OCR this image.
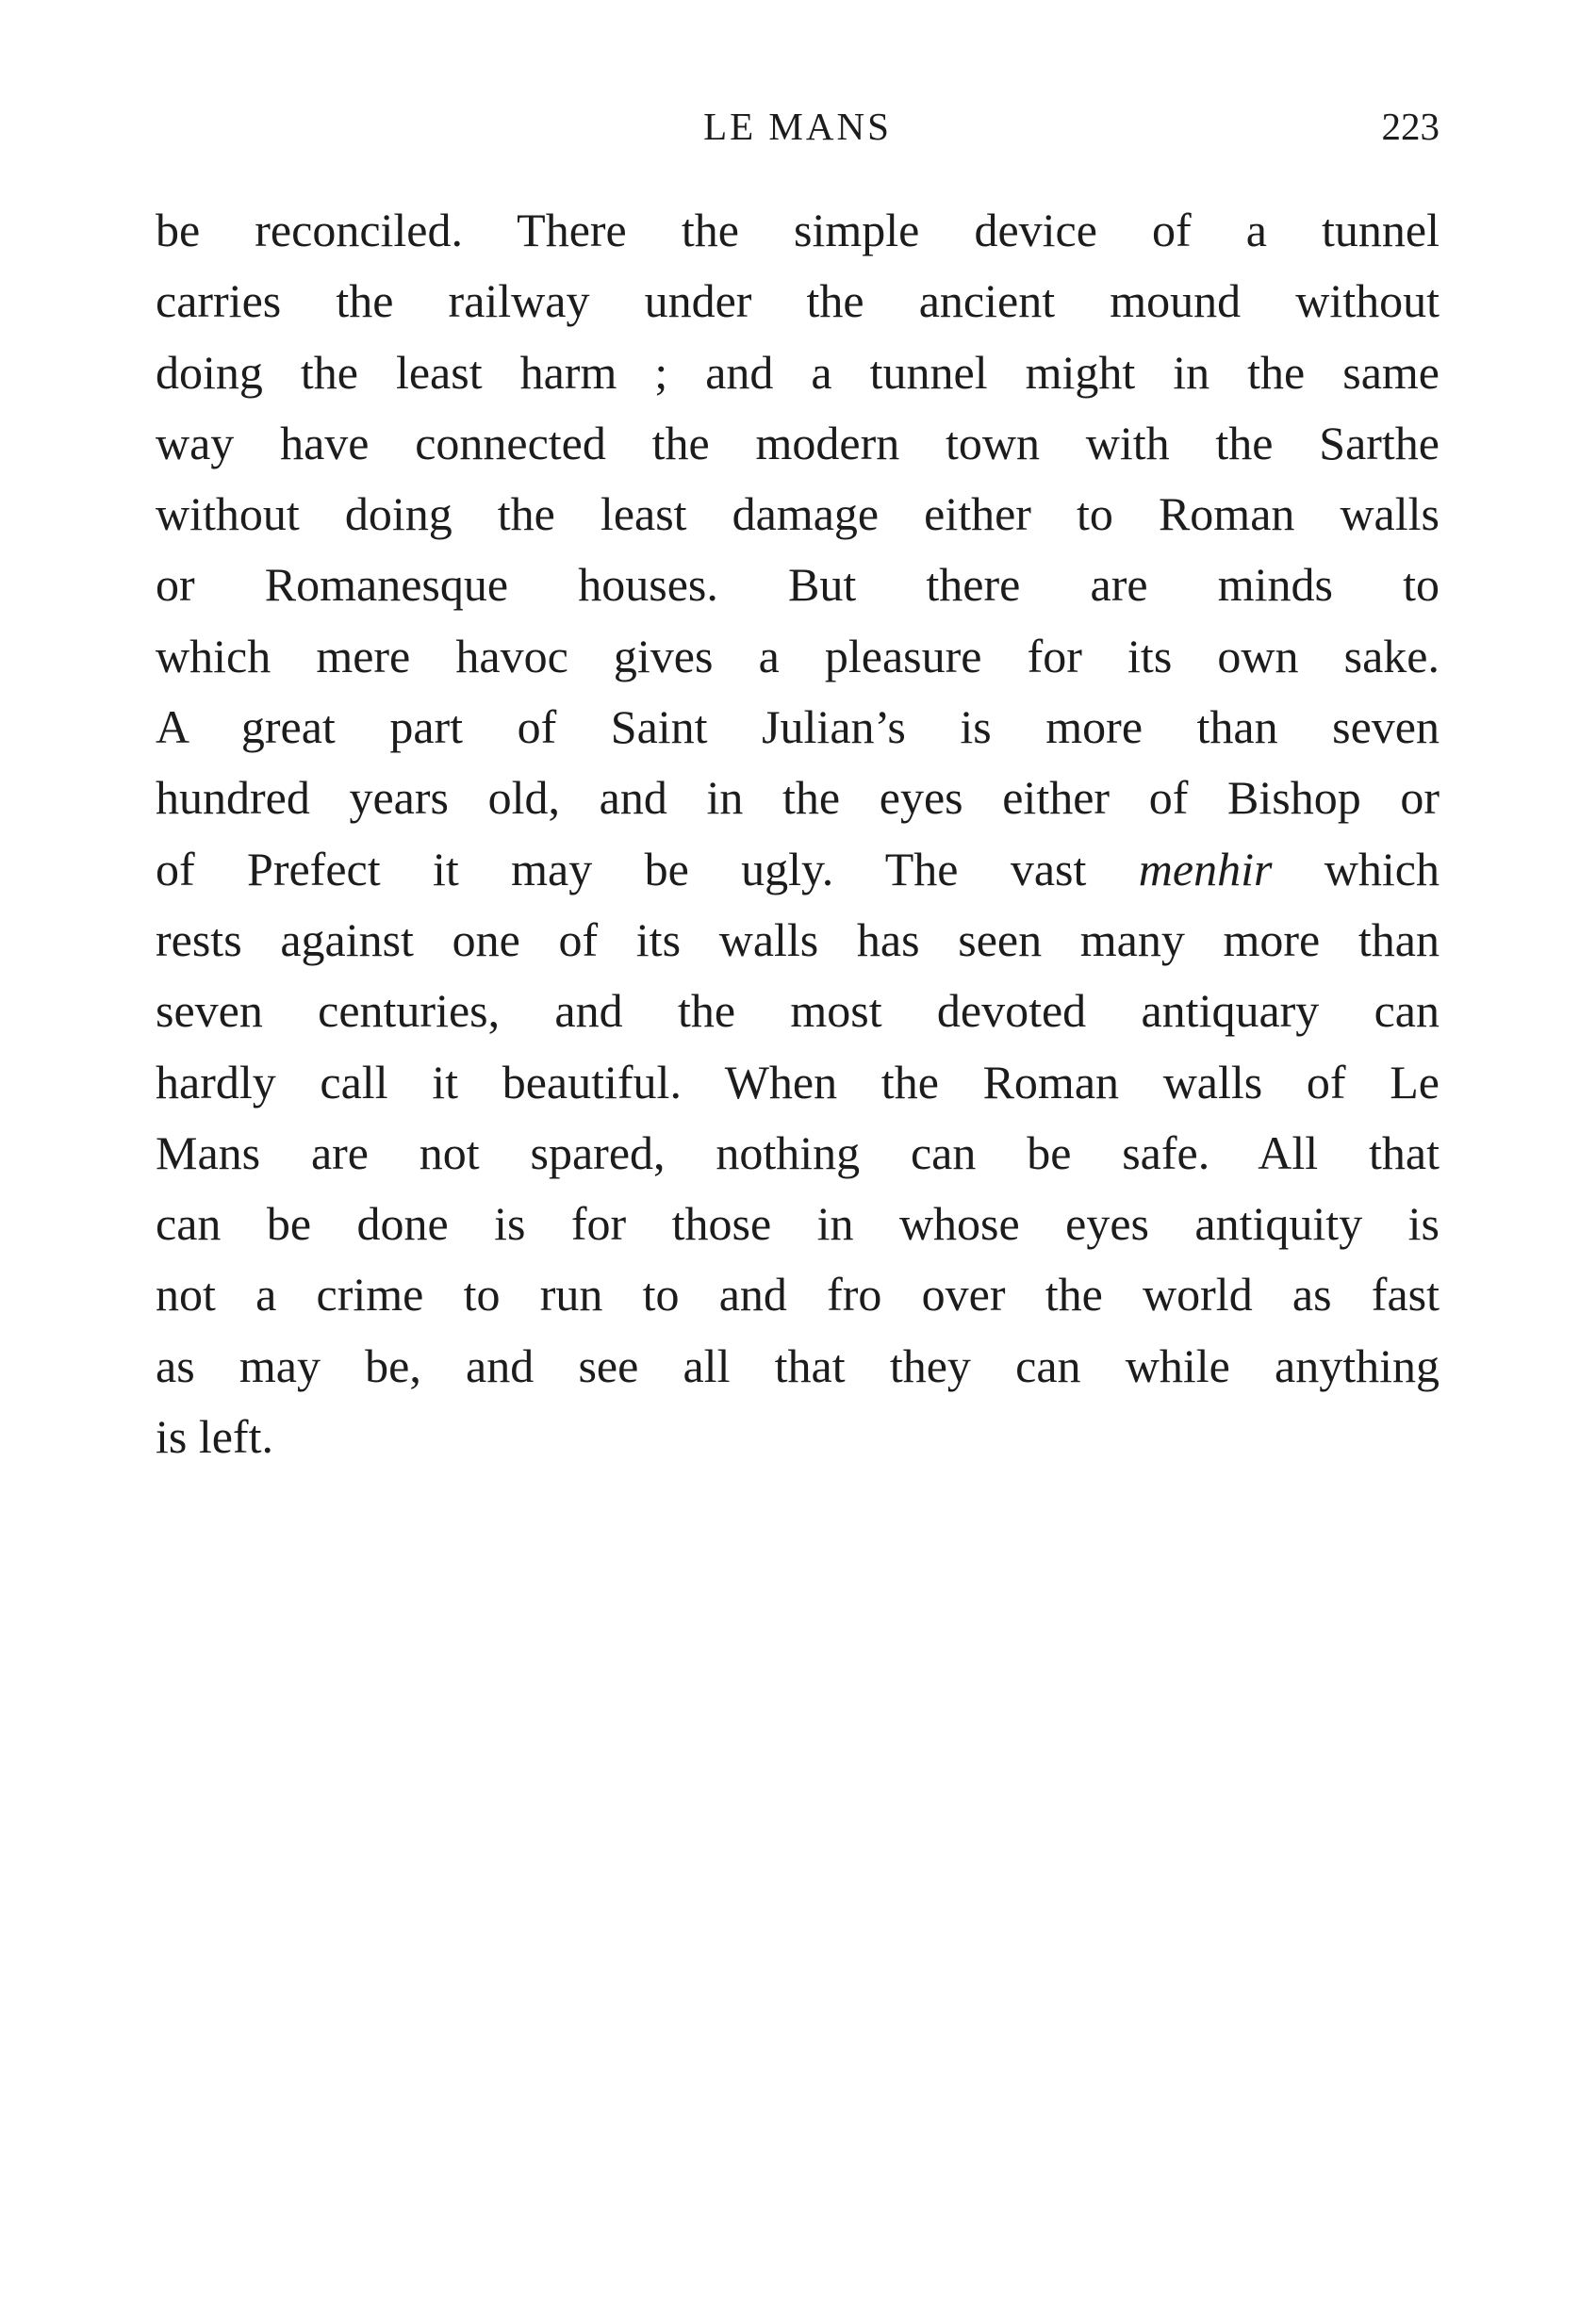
LE MANS	223
be reconciled. There the simple device of a tunnel
carries the railway under the ancient mound without
doing the least harm ; and a tunnel might in the same
way have connected the modern town with the Sarthe
without doing the least damage either to Roman walls
or Romanesque houses. But there are minds to
which mere havoc gives a pleasure for its own sake.
A great part of Saint Julian’s is more than seven
hundred years old, and in the eyes either of Bishop or
of Prefect it may be ugly. The vast menhir which
rests against one of its walls has seen many more than
seven centuries, and the most devoted antiquary can
hardly call it beautiful. When the Roman walls of Le
Mans are not spared, nothing can be safe. All that
can be done is for those in whose eyes antiquity is
not a crime to run to and fro over the world as fast
as may be, and see all that they can while anything
is left.
